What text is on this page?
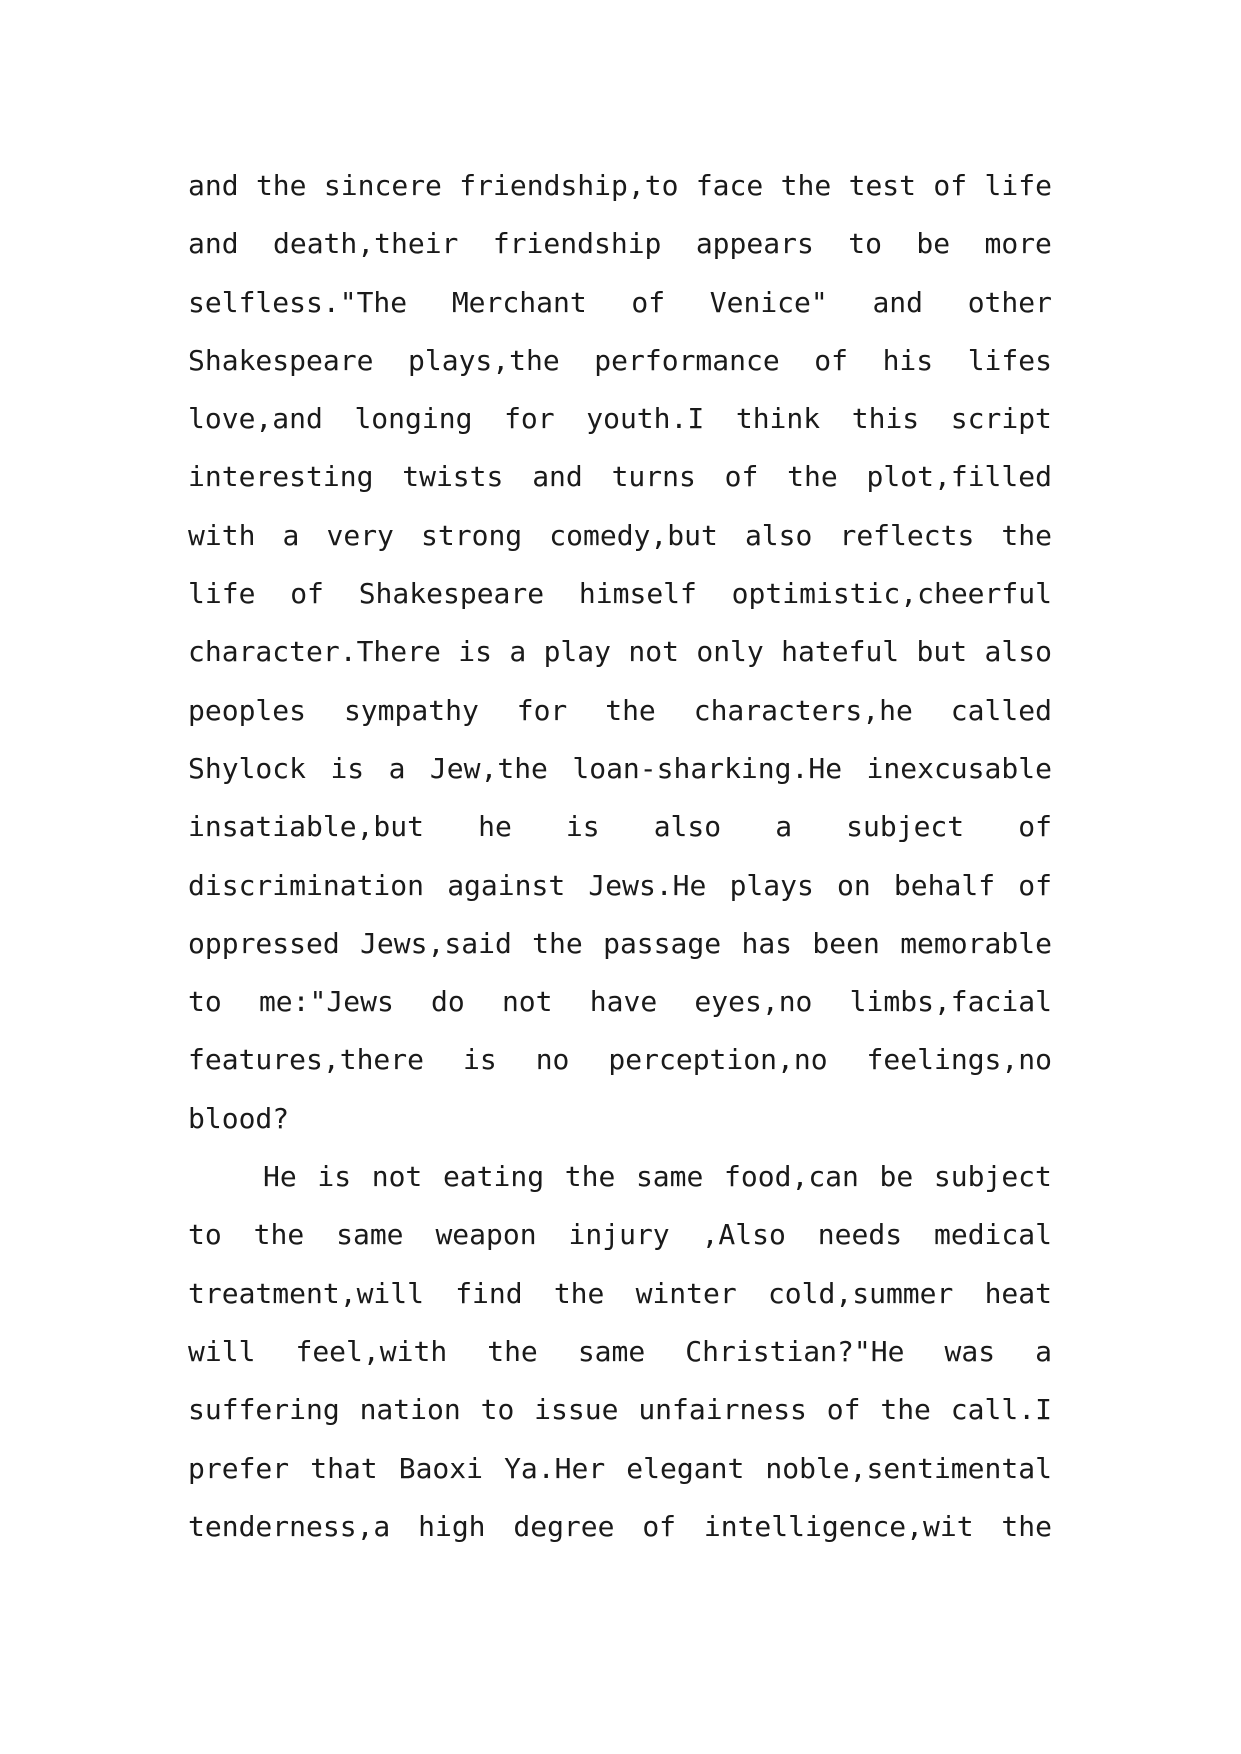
and the sincere friendship,to face the test of life
and death,their friendship appears to be more
selfless."The Merchant of Venice" and other
Shakespeare plays,the performance of his lifes
love,and longing for youth.I think this script
interesting twists and turns of the plot,filled
with a very strong comedy,but also reflects the
life of Shakespeare himself optimistic,cheerful
character.There is a play not only hateful but also
peoples sympathy for the characters,he called
Shylock is a Jew,the loan-sharking.He inexcusable
insatiable,but he is also a subject of
discrimination against Jews.He plays on behalf of
oppressed Jews,said the passage has been memorable
to me:"Jews do not have eyes,no limbs,facial
features,there is no perception,no feelings,no
blood?
He is not eating the same food,can be subject
to the same weapon injury ,Also needs medical
treatment,will find the winter cold,summer heat
will feel,with the same Christian?"He was a
suffering nation to issue unfairness of the call.I
prefer that Baoxi Ya.Her elegant noble,sentimental
tenderness,a high degree of intelligence,wit the
